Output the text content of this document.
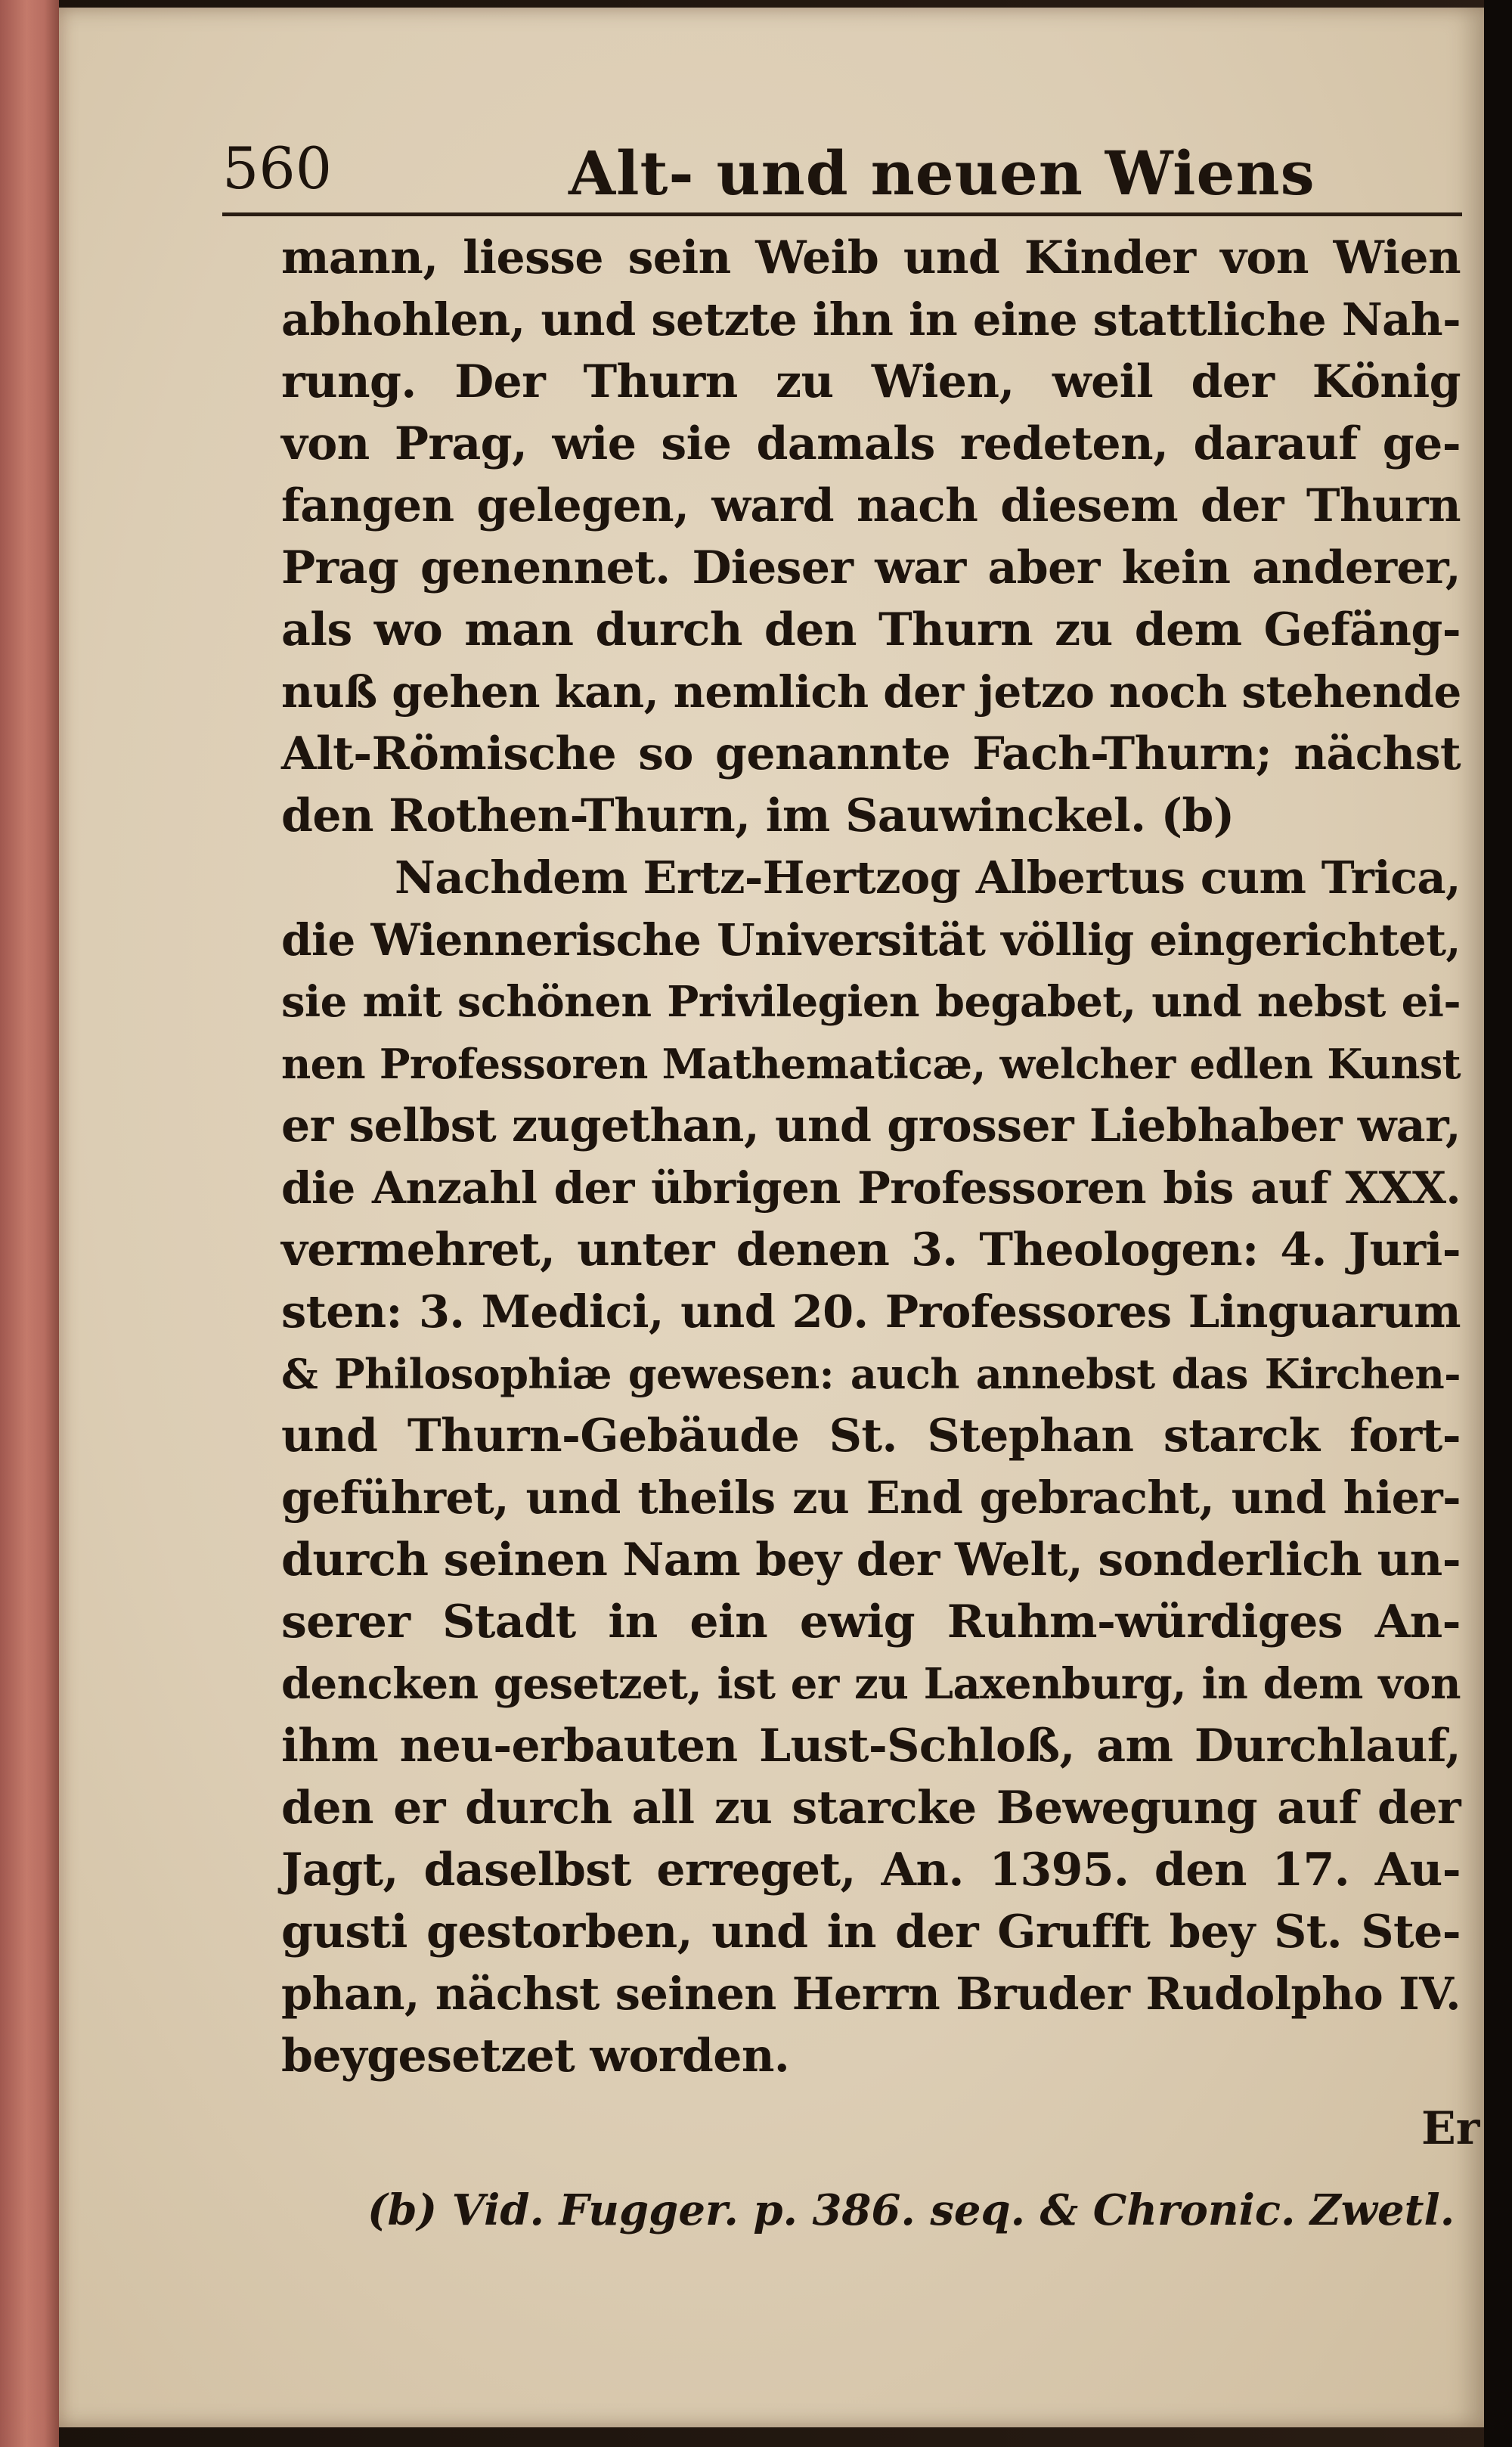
560	Alt- und neuen Wiens
mann, liesse sein Weib und Kinder von Wien
abhohlen, und setzte ihn in eine stattliche Nah-
rung. Der Thurn zu Wien, weil der König
von Prag, wie sie damals redeten, darauf ge-
fangen gelegen, ward nach diesem der Thurn
Prag genennet. Dieser war aber kein anderer,
als wo man durch den Thurn zu dem Gefäng-
nuß gehen kan, nemlich der jetzo noch stehende
Alt-Römische so genannte Fach-Thurn; nächst
den Rothen-Thurn, im Sauwinckel. (b)
Nachdem Ertz-Hertzog Albertus cum Trica,
die Wiennerische Universität völlig eingerichtet,
sie mit schönen Privilegien begabet, und nebst ei-
nen Professoren Mathematicæ, welcher edlen Kunst
er selbst zugethan, und grosser Liebhaber war,
die Anzahl der übrigen Professoren bis auf XXX.
vermehret, unter denen 3. Theologen: 4. Juri-
sten: 3. Medici, und 20. Professores Linguarum
& Philosophiæ gewesen: auch annebst das Kirchen-
und Thurn-Gebäude St. Stephan starck fort-
geführet, und theils zu End gebracht, und hier-
durch seinen Nam bey der Welt, sonderlich un-
serer Stadt in ein ewig Ruhm-würdiges An-
dencken gesetzet, ist er zu Laxenburg, in dem von
ihm neu-erbauten Lust-Schloß, am Durchlauf,
den er durch all zu starcke Bewegung auf der
Jagt, daselbst erreget, An. 1395. den 17. Au-
gusti gestorben, und in der Grufft bey St. Ste-
phan, nächst seinen Herrn Bruder Rudolpho IV.
beygesetzet worden.
Er
(b) Vid. Fugger. p. 386. seq. & Chronic. Zwetl.
